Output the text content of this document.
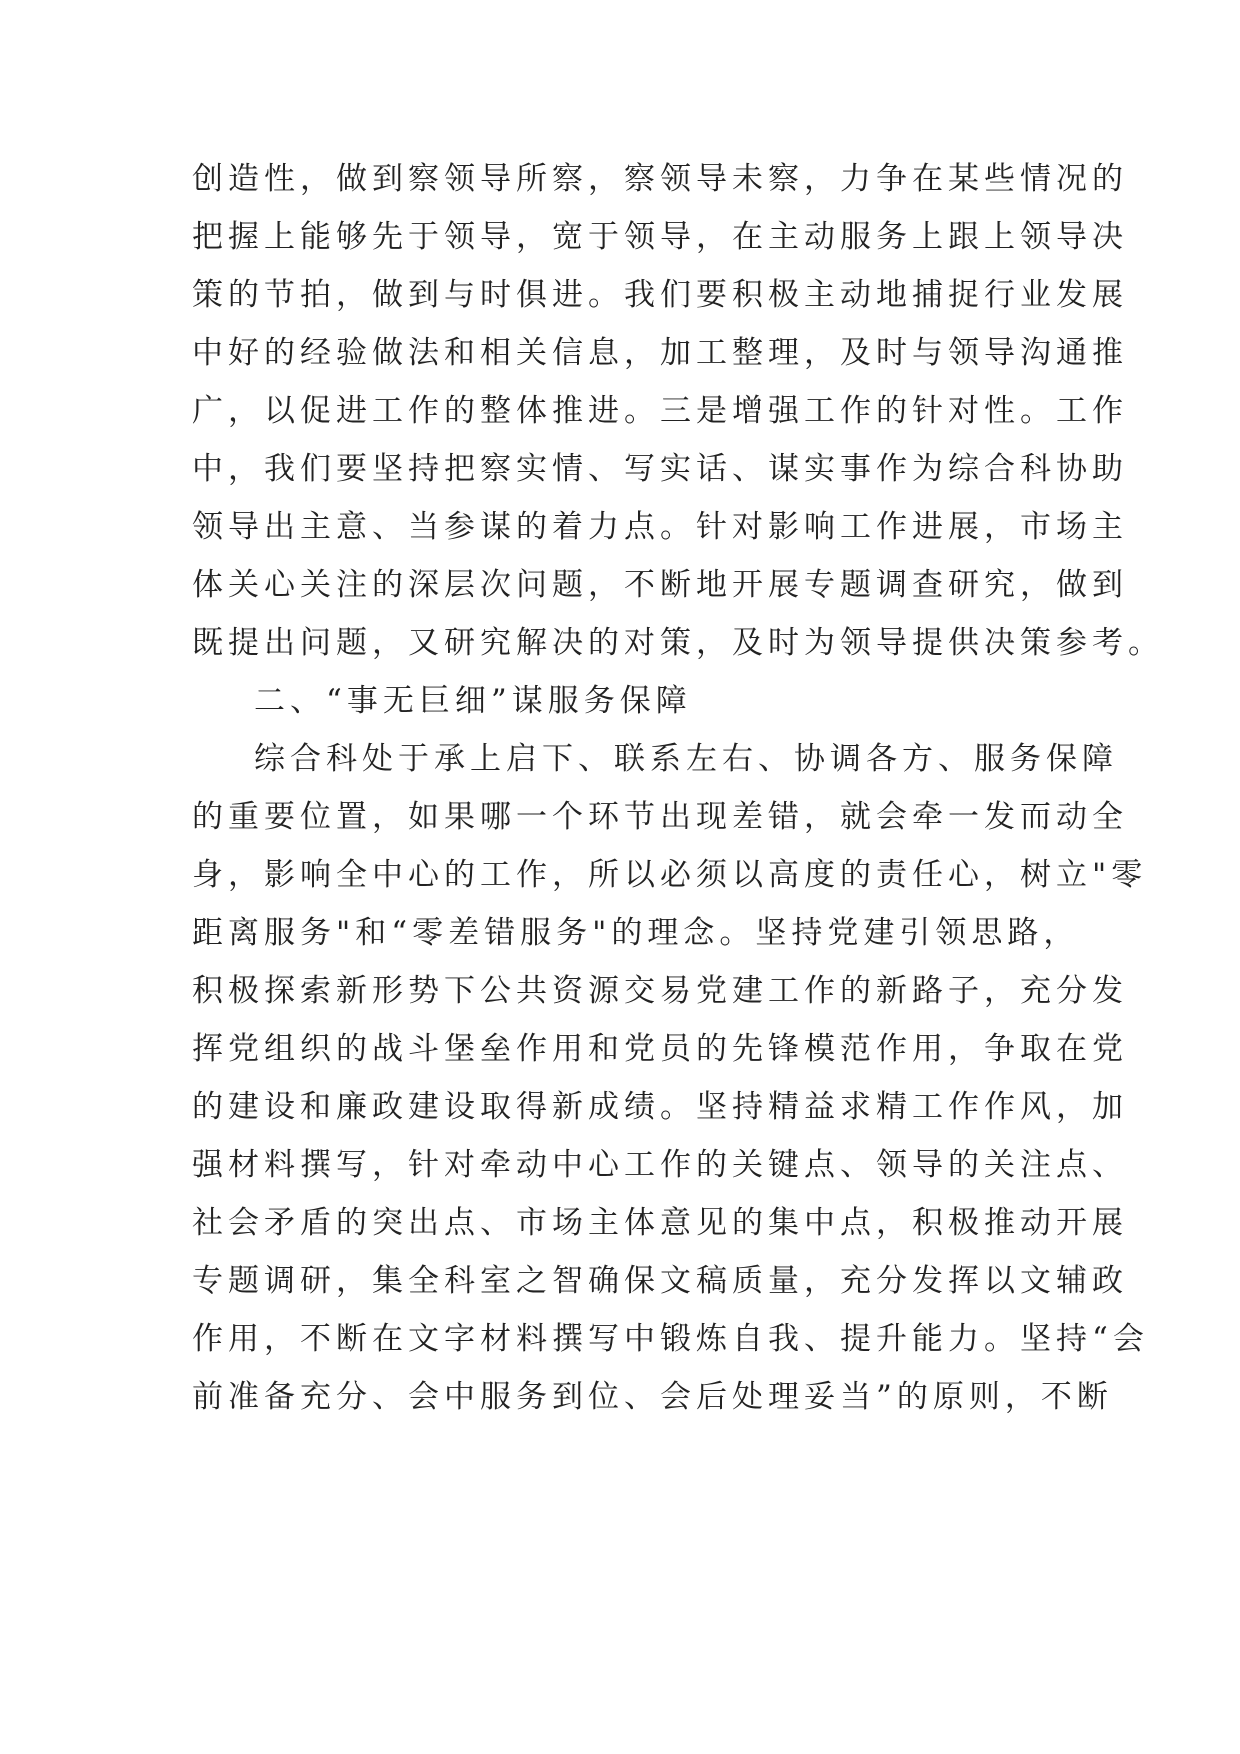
创造性，做到察领导所察，察领导未察，力争在某些情况的
把握上能够先于领导，宽于领导，在主动服务上跟上领导决
策的节拍，做到与时俱进。我们要积极主动地捕捉行业发展
中好的经验做法和相关信息，加工整理，及时与领导沟通推
广，以促进工作的整体推进。三是增强工作的针对性。工作
中，我们要坚持把察实情、写实话、谋实事作为综合科协助
领导出主意、当参谋的着力点。针对影响工作进展，市场主
体关心关注的深层次问题，不断地开展专题调查研究，做到
既提出问题，又研究解决的对策，及时为领导提供决策参考。
二、“事无巨细”谋服务保障
综合科处于承上启下、联系左右、协调各方、服务保障
的重要位置，如果哪一个环节出现差错，就会牵一发而动全
身，影响全中心的工作，所以必须以高度的责任心，树立"零
距离服务"和“零差错服务"的理念。坚持党建引领思路，
积极探索新形势下公共资源交易党建工作的新路子，充分发
挥党组织的战斗堡垒作用和党员的先锋模范作用，争取在党
的建设和廉政建设取得新成绩。坚持精益求精工作作风，加
强材料撰写，针对牵动中心工作的关键点、领导的关注点、
社会矛盾的突出点、市场主体意见的集中点，积极推动开展
专题调研，集全科室之智确保文稿质量，充分发挥以文辅政
作用，不断在文字材料撰写中锻炼自我、提升能力。坚持“会
前准备充分、会中服务到位、会后处理妥当”的原则，不断
